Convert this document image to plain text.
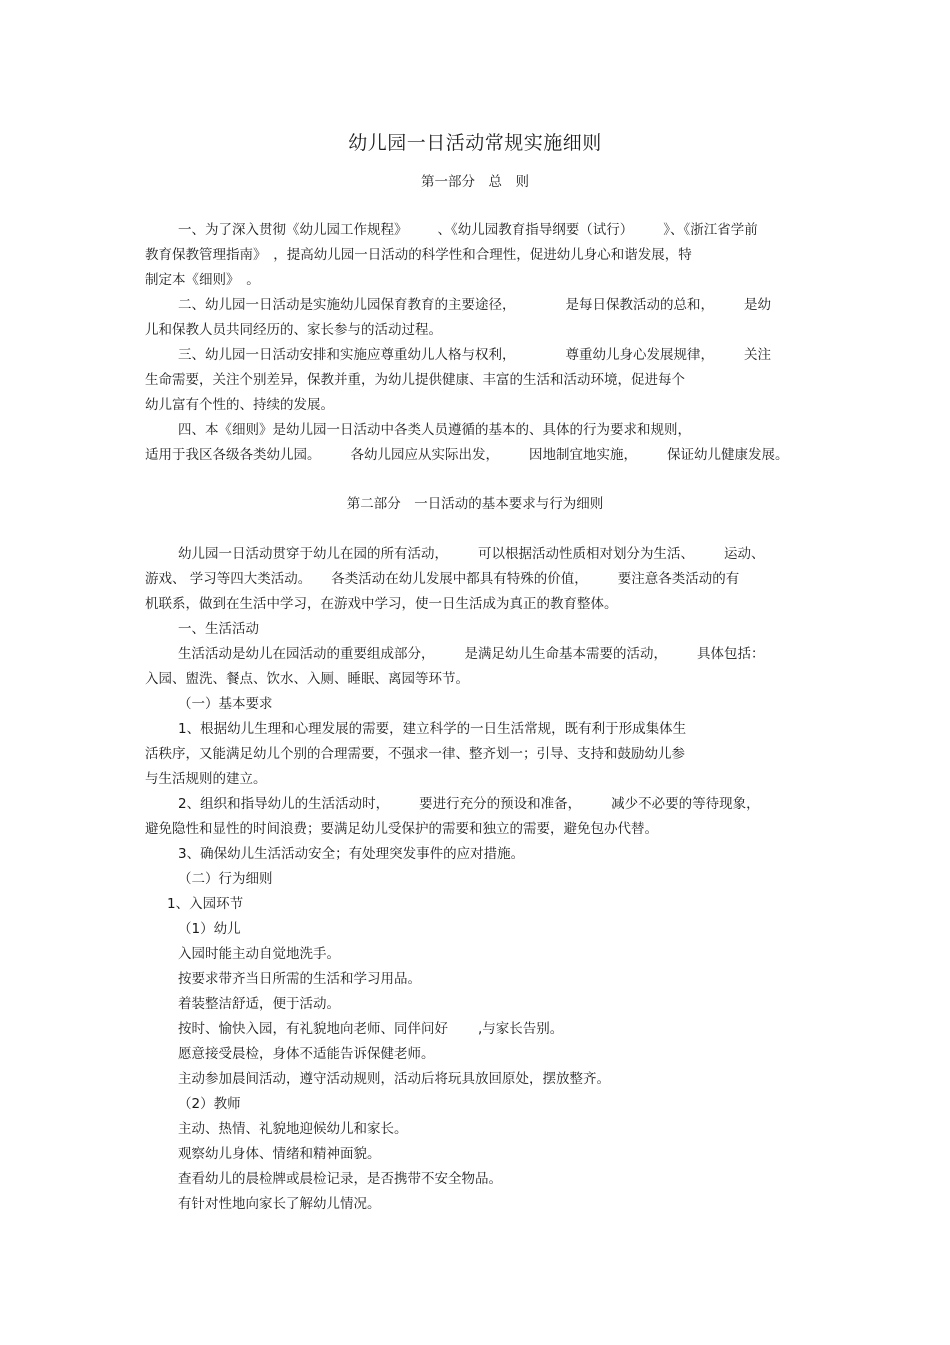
幼儿园一日活动常规实施细则
第一部分　总　则
一、为了深入贯彻《幼儿园工作规程》 、《幼儿园教育指导纲要（试行） 》、《浙江省学前
教育保教管理指南》　，提高幼儿园一日活动的科学性和合理性，促进幼儿身心和谐发展，特
制定本《细则》　。
二、幼儿园一日活动是实施幼儿园保育教育的主要途径，	是每日保教活动的总和， 是幼
儿和保教人员共同经历的、家长参与的活动过程。
三、幼儿园一日活动安排和实施应尊重幼儿人格与权利，	尊重幼儿身心发展规律， 关注
生命需要，关注个别差异，保教并重，为幼儿提供健康、丰富的生活和活动环境，促进每个
幼儿富有个性的、持续的发展。
四、本《细则》是幼儿园一日活动中各类人员遵循的基本的、具体的行为要求和规则，
适用于我区各级各类幼儿园。 各幼儿园应从实际出发， 因地制宜地实施， 保证幼儿健康发展。
第二部分　一日活动的基本要求与行为细则
幼儿园一日活动贯穿于幼儿在园的所有活动， 可以根据活动性质相对划分为生活、 运动、
游戏、 学习等四大类活动。 各类活动在幼儿发展中都具有特殊的价值， 要注意各类活动的有
机联系，做到在生活中学习，在游戏中学习，使一日生活成为真正的教育整体。
一、生活活动
生活活动是幼儿在园活动的重要组成部分， 是满足幼儿生命基本需要的活动， 具体包括：
入园、盥洗、餐点、饮水、入厕、睡眠、离园等环节。
（一）基本要求
1、根据幼儿生理和心理发展的需要，建立科学的一日生活常规，既有利于形成集体生
活秩序，又能满足幼儿个别的合理需要，不强求一律、整齐划一；引导、支持和鼓励幼儿参
与生活规则的建立。
2、组织和指导幼儿的生活活动时， 要进行充分的预设和准备， 减少不必要的等待现象，
避免隐性和显性的时间浪费；要满足幼儿受保护的需要和独立的需要，避免包办代替。
3、确保幼儿生活活动安全；有处理突发事件的应对措施。
（二）行为细则
1、入园环节
（1）幼儿
入园时能主动自觉地洗手。
按要求带齐当日所需的生活和学习用品。
着装整洁舒适，便于活动。
按时、愉快入园，有礼貌地向老师、同伴问好 ,与家长告别。
愿意接受晨检，身体不适能告诉保健老师。
主动参加晨间活动，遵守活动规则，活动后将玩具放回原处，摆放整齐。
（2）教师
主动、热情、礼貌地迎候幼儿和家长。
观察幼儿身体、情绪和精神面貌。
查看幼儿的晨检牌或晨检记录，是否携带不安全物品。
有针对性地向家长了解幼儿情况。
